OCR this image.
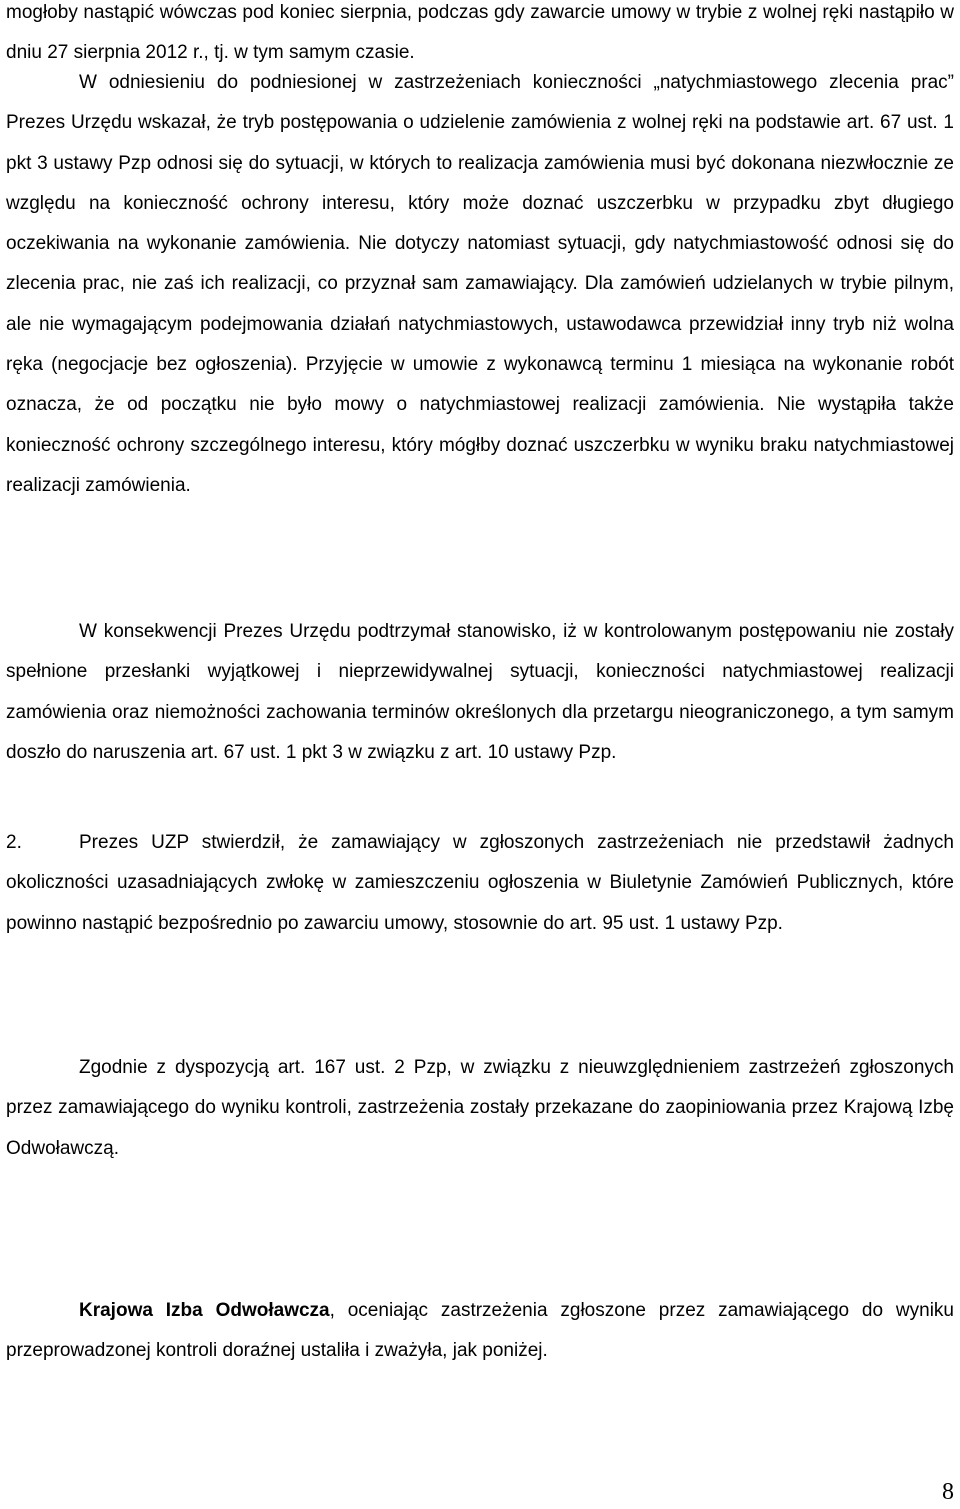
mogłoby nastąpić wówczas pod koniec sierpnia, podczas gdy zawarcie umowy w trybie z wolnej ręki nastąpiło w dniu 27 sierpnia 2012 r., tj. w tym samym czasie.

W odniesieniu do podniesionej w zastrzeżeniach konieczności „natychmiastowego zlecenia prac” Prezes Urzędu wskazał, że tryb postępowania o udzielenie zamówienia z wolnej ręki na podstawie art. 67 ust. 1 pkt 3 ustawy Pzp odnosi się do sytuacji, w których to realizacja zamówienia musi być dokonana niezwłocznie ze względu na konieczność ochrony interesu, który może doznać uszczerbku w przypadku zbyt długiego oczekiwania na wykonanie zamówienia. Nie dotyczy natomiast sytuacji, gdy natychmiastowość odnosi się do zlecenia prac, nie zaś ich realizacji, co przyznał sam zamawiający. Dla zamówień udzielanych w trybie pilnym, ale nie wymagającym podejmowania działań natychmiastowych, ustawodawca przewidział inny tryb niż wolna ręka (negocjacje bez ogłoszenia). Przyjęcie w umowie z wykonawcą terminu 1 miesiąca na wykonanie robót oznacza, że od początku nie było mowy o natychmiastowej realizacji zamówienia. Nie wystąpiła także konieczność ochrony szczególnego interesu, który mógłby doznać uszczerbku w wyniku braku natychmiastowej realizacji zamówienia.

W konsekwencji Prezes Urzędu podtrzymał stanowisko, iż w kontrolowanym postępowaniu nie zostały spełnione przesłanki wyjątkowej i nieprzewidywalnej sytuacji, konieczności natychmiastowej realizacji zamówienia oraz niemożności zachowania terminów określonych dla przetargu nieograniczonego, a tym samym doszło do naruszenia art. 67 ust. 1 pkt 3 w związku z art. 10 ustawy Pzp.

2.	Prezes UZP stwierdził, że zamawiający w zgłoszonych zastrzeżeniach nie przedstawił żadnych okoliczności uzasadniających zwłokę w zamieszczeniu ogłoszenia w Biuletynie Zamówień Publicznych, które powinno nastąpić bezpośrednio po zawarciu umowy, stosownie do art. 95 ust. 1 ustawy Pzp.

Zgodnie z dyspozycją art. 167 ust. 2 Pzp, w związku z nieuwzględnieniem zastrzeżeń zgłoszonych przez zamawiającego do wyniku kontroli, zastrzeżenia zostały przekazane do zaopiniowania przez Krajową Izbę Odwoławczą.

Krajowa Izba Odwoławcza, oceniając zastrzeżenia zgłoszone przez zamawiającego do wyniku przeprowadzonej kontroli doraźnej ustaliła i zważyła, jak poniżej.

8
